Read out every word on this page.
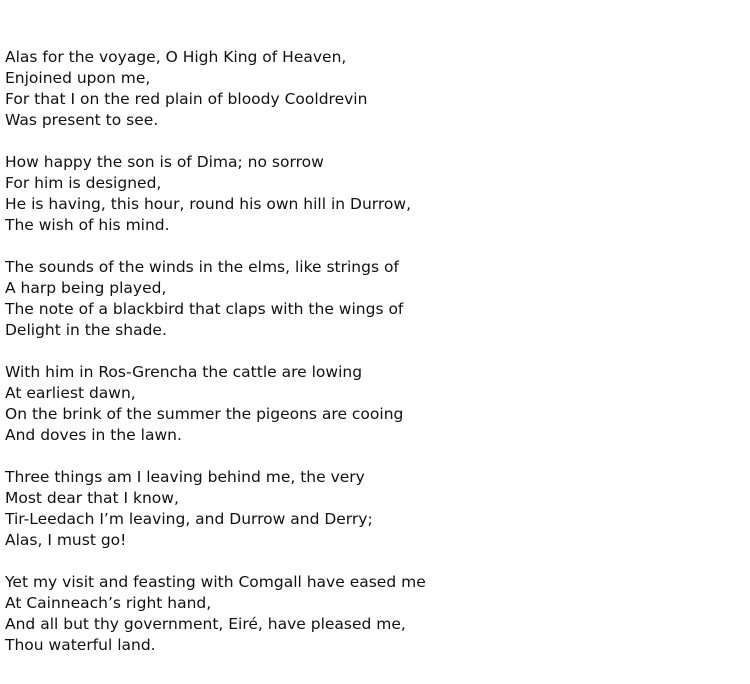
Alas for the voyage, O High King of Heaven,
Enjoined upon me,
For that I on the red plain of bloody Cooldrevin
Was present to see.
How happy the son is of Dima; no sorrow
For him is designed,
He is having, this hour, round his own hill in Durrow,
The wish of his mind.
The sounds of the winds in the elms, like strings of
A harp being played,
The note of a blackbird that claps with the wings of
Delight in the shade.
With him in Ros-Grencha the cattle are lowing
At earliest dawn,
On the brink of the summer the pigeons are cooing
And doves in the lawn.
Three things am I leaving behind me, the very
Most dear that I know,
Tir-Leedach I’m leaving, and Durrow and Derry;
Alas, I must go!
Yet my visit and feasting with Comgall have eased me
At Cainneach’s right hand,
And all but thy government, Eiré, have pleased me,
Thou waterful land.
